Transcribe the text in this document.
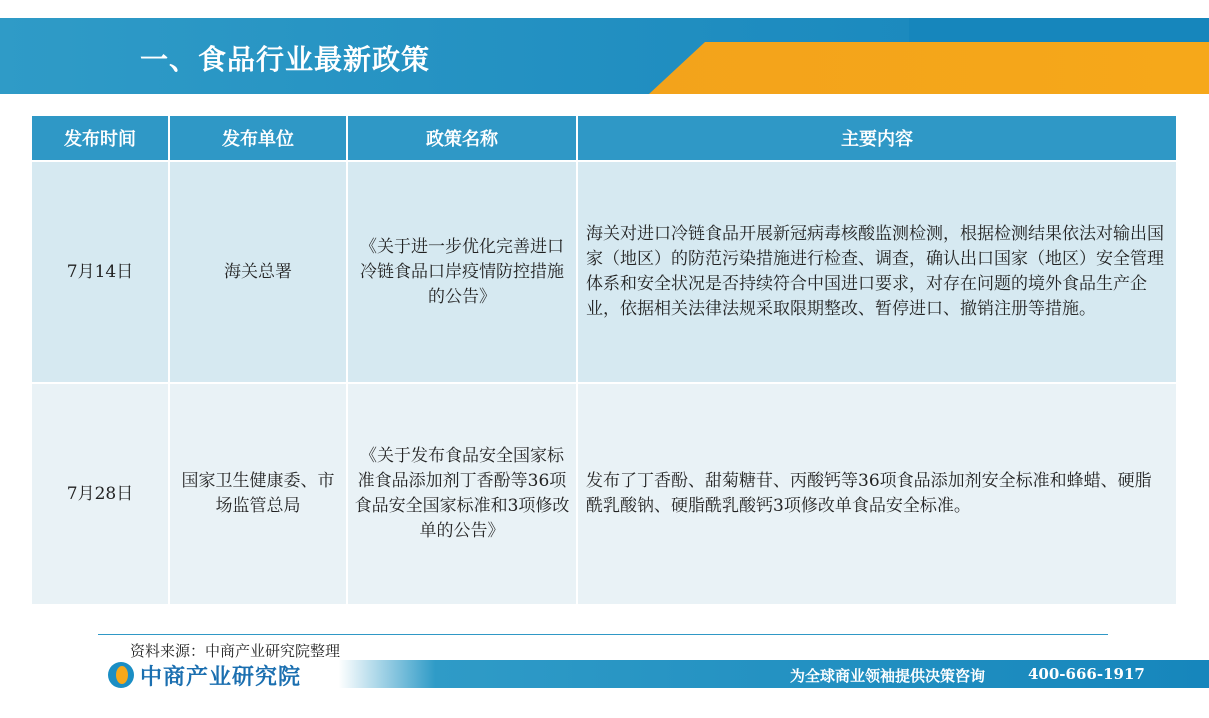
一、食品行业最新政策
发布时间	发布单位	政策名称	主要内容
7月14日	海关总署	《关于进一步优化完善进口冷链食品口岸疫情防控措施的公告》	海关对进口冷链食品开展新冠病毒核酸监测检测，根据检测结果依法对输出国家（地区）的防范污染措施进行检查、调查，确认出口国家（地区）安全管理体系和安全状况是否持续符合中国进口要求，对存在问题的境外食品生产企业，依据相关法律法规采取限期整改、暂停进口、撤销注册等措施。
7月28日	国家卫生健康委、市场监管总局	《关于发布食品安全国家标准食品添加剂丁香酚等36项食品安全国家标准和3项修改单的公告》	发布了丁香酚、甜菊糖苷、丙酸钙等36项食品添加剂安全标准和蜂蜡、硬脂酰乳酸钠、硬脂酰乳酸钙3项修改单食品安全标准。
资料来源：中商产业研究院整理
中商产业研究院	为全球商业领袖提供决策咨询	400-666-1917
